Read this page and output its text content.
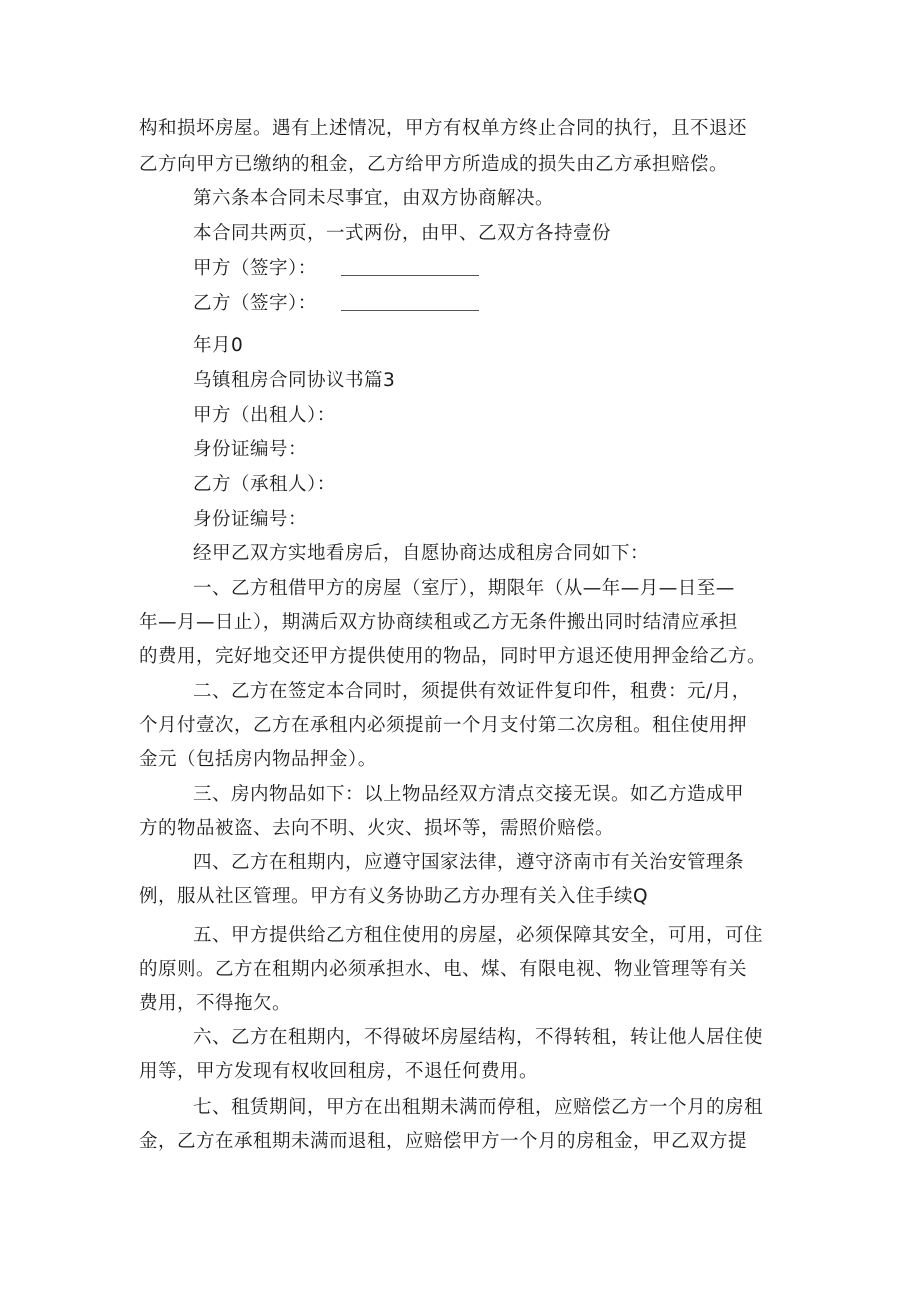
构和损坏房屋。遇有上述情况，甲方有权单方终止合同的执行，且不退还
乙方向甲方已缴纳的租金，乙方给甲方所造成的损失由乙方承担赔偿。
第六条本合同未尽事宜，由双方协商解决。
本合同共两页，一式两份，由甲、乙双方各持壹份
甲方（签字）：
乙方（签字）：
年月0
乌镇租房合同协议书篇3
甲方（出租人）：
身份证编号：
乙方（承租人）：
身份证编号：
经甲乙双方实地看房后，自愿协商达成租房合同如下：
一、乙方租借甲方的房屋（室厅），期限年（从—年—月—日至—
年—月—日止），期满后双方协商续租或乙方无条件搬出同时结清应承担
的费用，完好地交还甲方提供使用的物品，同时甲方退还使用押金给乙方。
二、乙方在签定本合同时，须提供有效证件复印件，租费：元/月，
个月付壹次，乙方在承租内必须提前一个月支付第二次房租。租住使用押
金元（包括房内物品押金）。
三、房内物品如下：以上物品经双方清点交接无误。如乙方造成甲
方的物品被盗、去向不明、火灾、损坏等，需照价赔偿。
四、乙方在租期内，应遵守国家法律，遵守济南市有关治安管理条
例，服从社区管理。甲方有义务协助乙方办理有关入住手续Q
五、甲方提供给乙方租住使用的房屋，必须保障其安全，可用，可住
的原则。乙方在租期内必须承担水、电、煤、有限电视、物业管理等有关
费用，不得拖欠。
六、乙方在租期内，不得破坏房屋结构，不得转租，转让他人居住使
用等，甲方发现有权收回租房，不退任何费用。
七、租赁期间，甲方在出租期未满而停租，应赔偿乙方一个月的房租
金，乙方在承租期未满而退租，应赔偿甲方一个月的房租金，甲乙双方提
